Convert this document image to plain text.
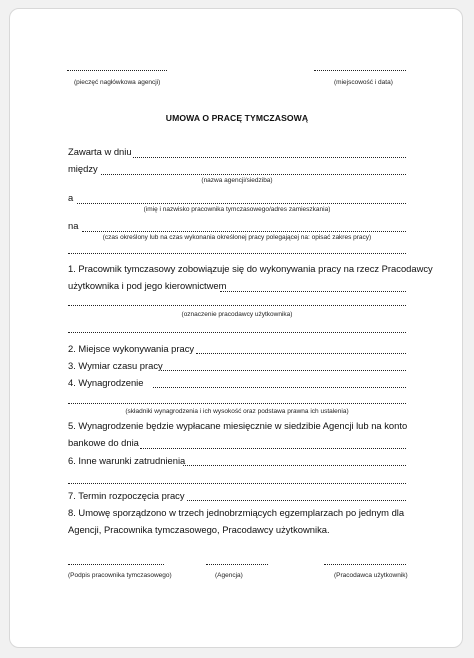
(pieczęć nagłówkowa agencji)	(miejscowość i data)
UMOWA O PRACĘ TYMCZASOWĄ
Zawarta w dniu
między
(nazwa agencji/siedziba)
a
(imię i nazwisko pracownika tymczasowego/adres zamieszkania)
na
(czas określony lub na czas wykonania określonej pracy polegającej na: opisać zakres pracy)
1. Pracownik tymczasowy zobowiązuje się do wykonywania pracy na rzecz Pracodawcy
użytkownika i pod jego kierownictwem
(oznaczenie pracodawcy użytkownika)
2. Miejsce wykonywania pracy
3. Wymiar czasu pracy
4. Wynagrodzenie
(składniki wynagrodzenia i ich wysokość oraz podstawa prawna ich ustalenia)
5. Wynagrodzenie będzie wypłacane miesięcznie w siedzibie Agencji lub na konto
bankowe do dnia
6. Inne warunki zatrudnienia
7. Termin rozpoczęcia pracy
8. Umowę sporządzono w trzech jednobrzmiących egzemplarzach po jednym dla
Agencji, Pracownika tymczasowego, Pracodawcy użytkownika.
(Podpis pracownika tymczasowego)	(Agencja)	(Pracodawca użytkownik)
